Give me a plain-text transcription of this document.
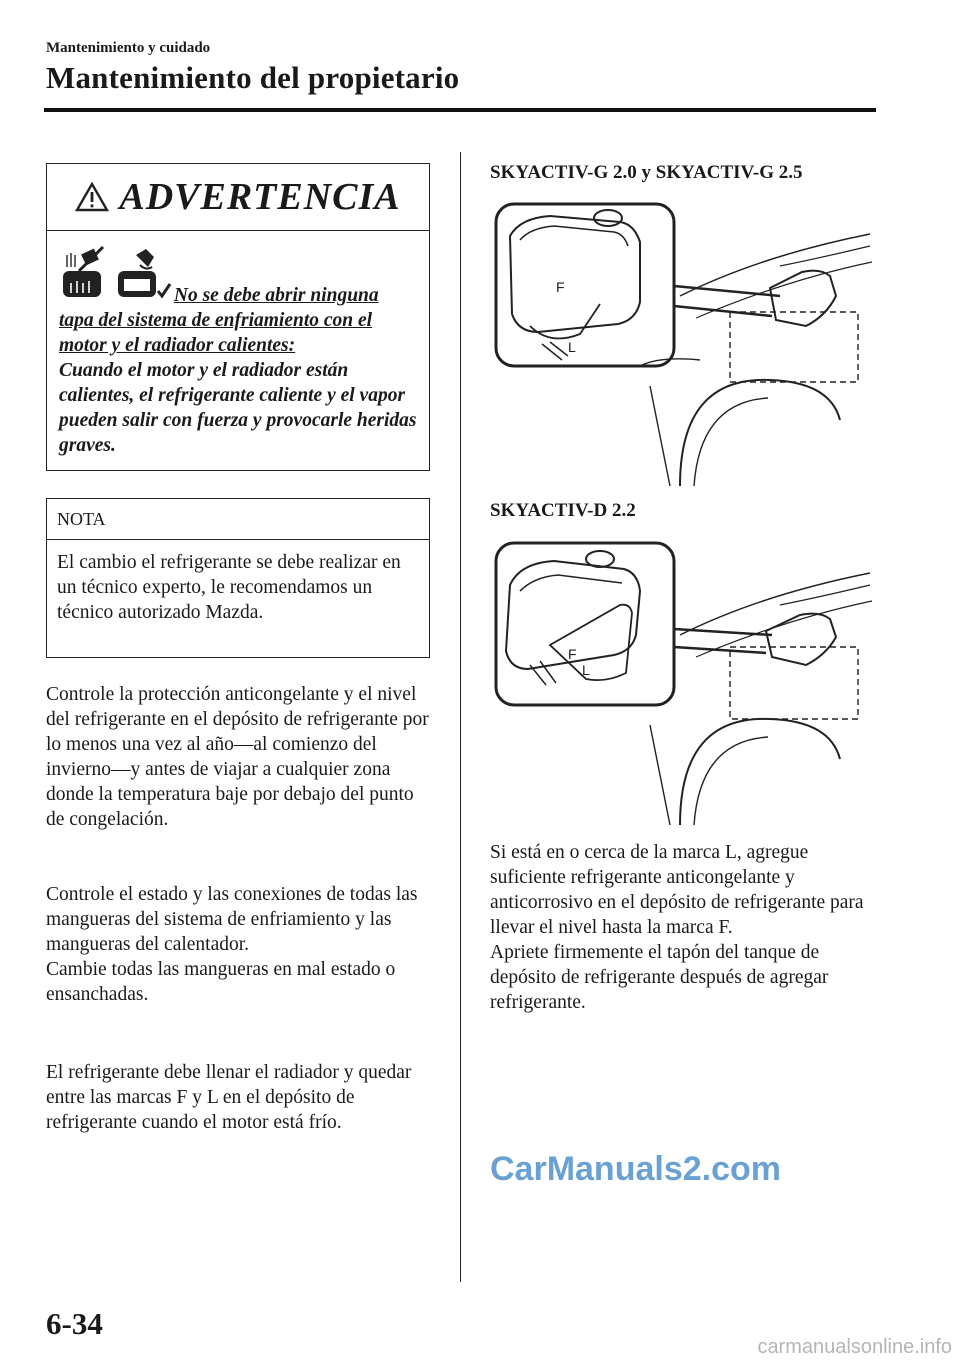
Mantenimiento y cuidado
Mantenimiento del propietario
ADVERTENCIA
No se debe abrir ninguna tapa del sistema de enfriamiento con el motor y el radiador calientes:
Cuando el motor y el radiador están calientes, el refrigerante caliente y el vapor pueden salir con fuerza y provocarle heridas graves.
NOTA
El cambio el refrigerante se debe realizar en un técnico experto, le recomendamos un técnico autorizado Mazda.

Controle la protección anticongelante y el nivel del refrigerante en el depósito de refrigerante por lo menos una vez al año―al comienzo del invierno―y antes de viajar a cualquier zona donde la temperatura baje por debajo del punto de congelación.

Controle el estado y las conexiones de todas las mangueras del sistema de enfriamiento y las mangueras del calentador.

Cambie todas las mangueras en mal estado o ensanchadas.

El refrigerante debe llenar el radiador y quedar entre las marcas F y L en el depósito de refrigerante cuando el motor está frío.

SKYACTIV-G 2.0 y SKYACTIV-G 2.5
F
L
SKYACTIV-D 2.2
F
L

Si está en o cerca de la marca L, agregue suficiente refrigerante anticongelante y anticorrosivo en el depósito de refrigerante para llevar el nivel hasta la marca F.

Apriete firmemente el tapón del tanque de depósito de refrigerante después de agregar refrigerante.

CarManuals2.com
6-34
carmanualsonline.info
